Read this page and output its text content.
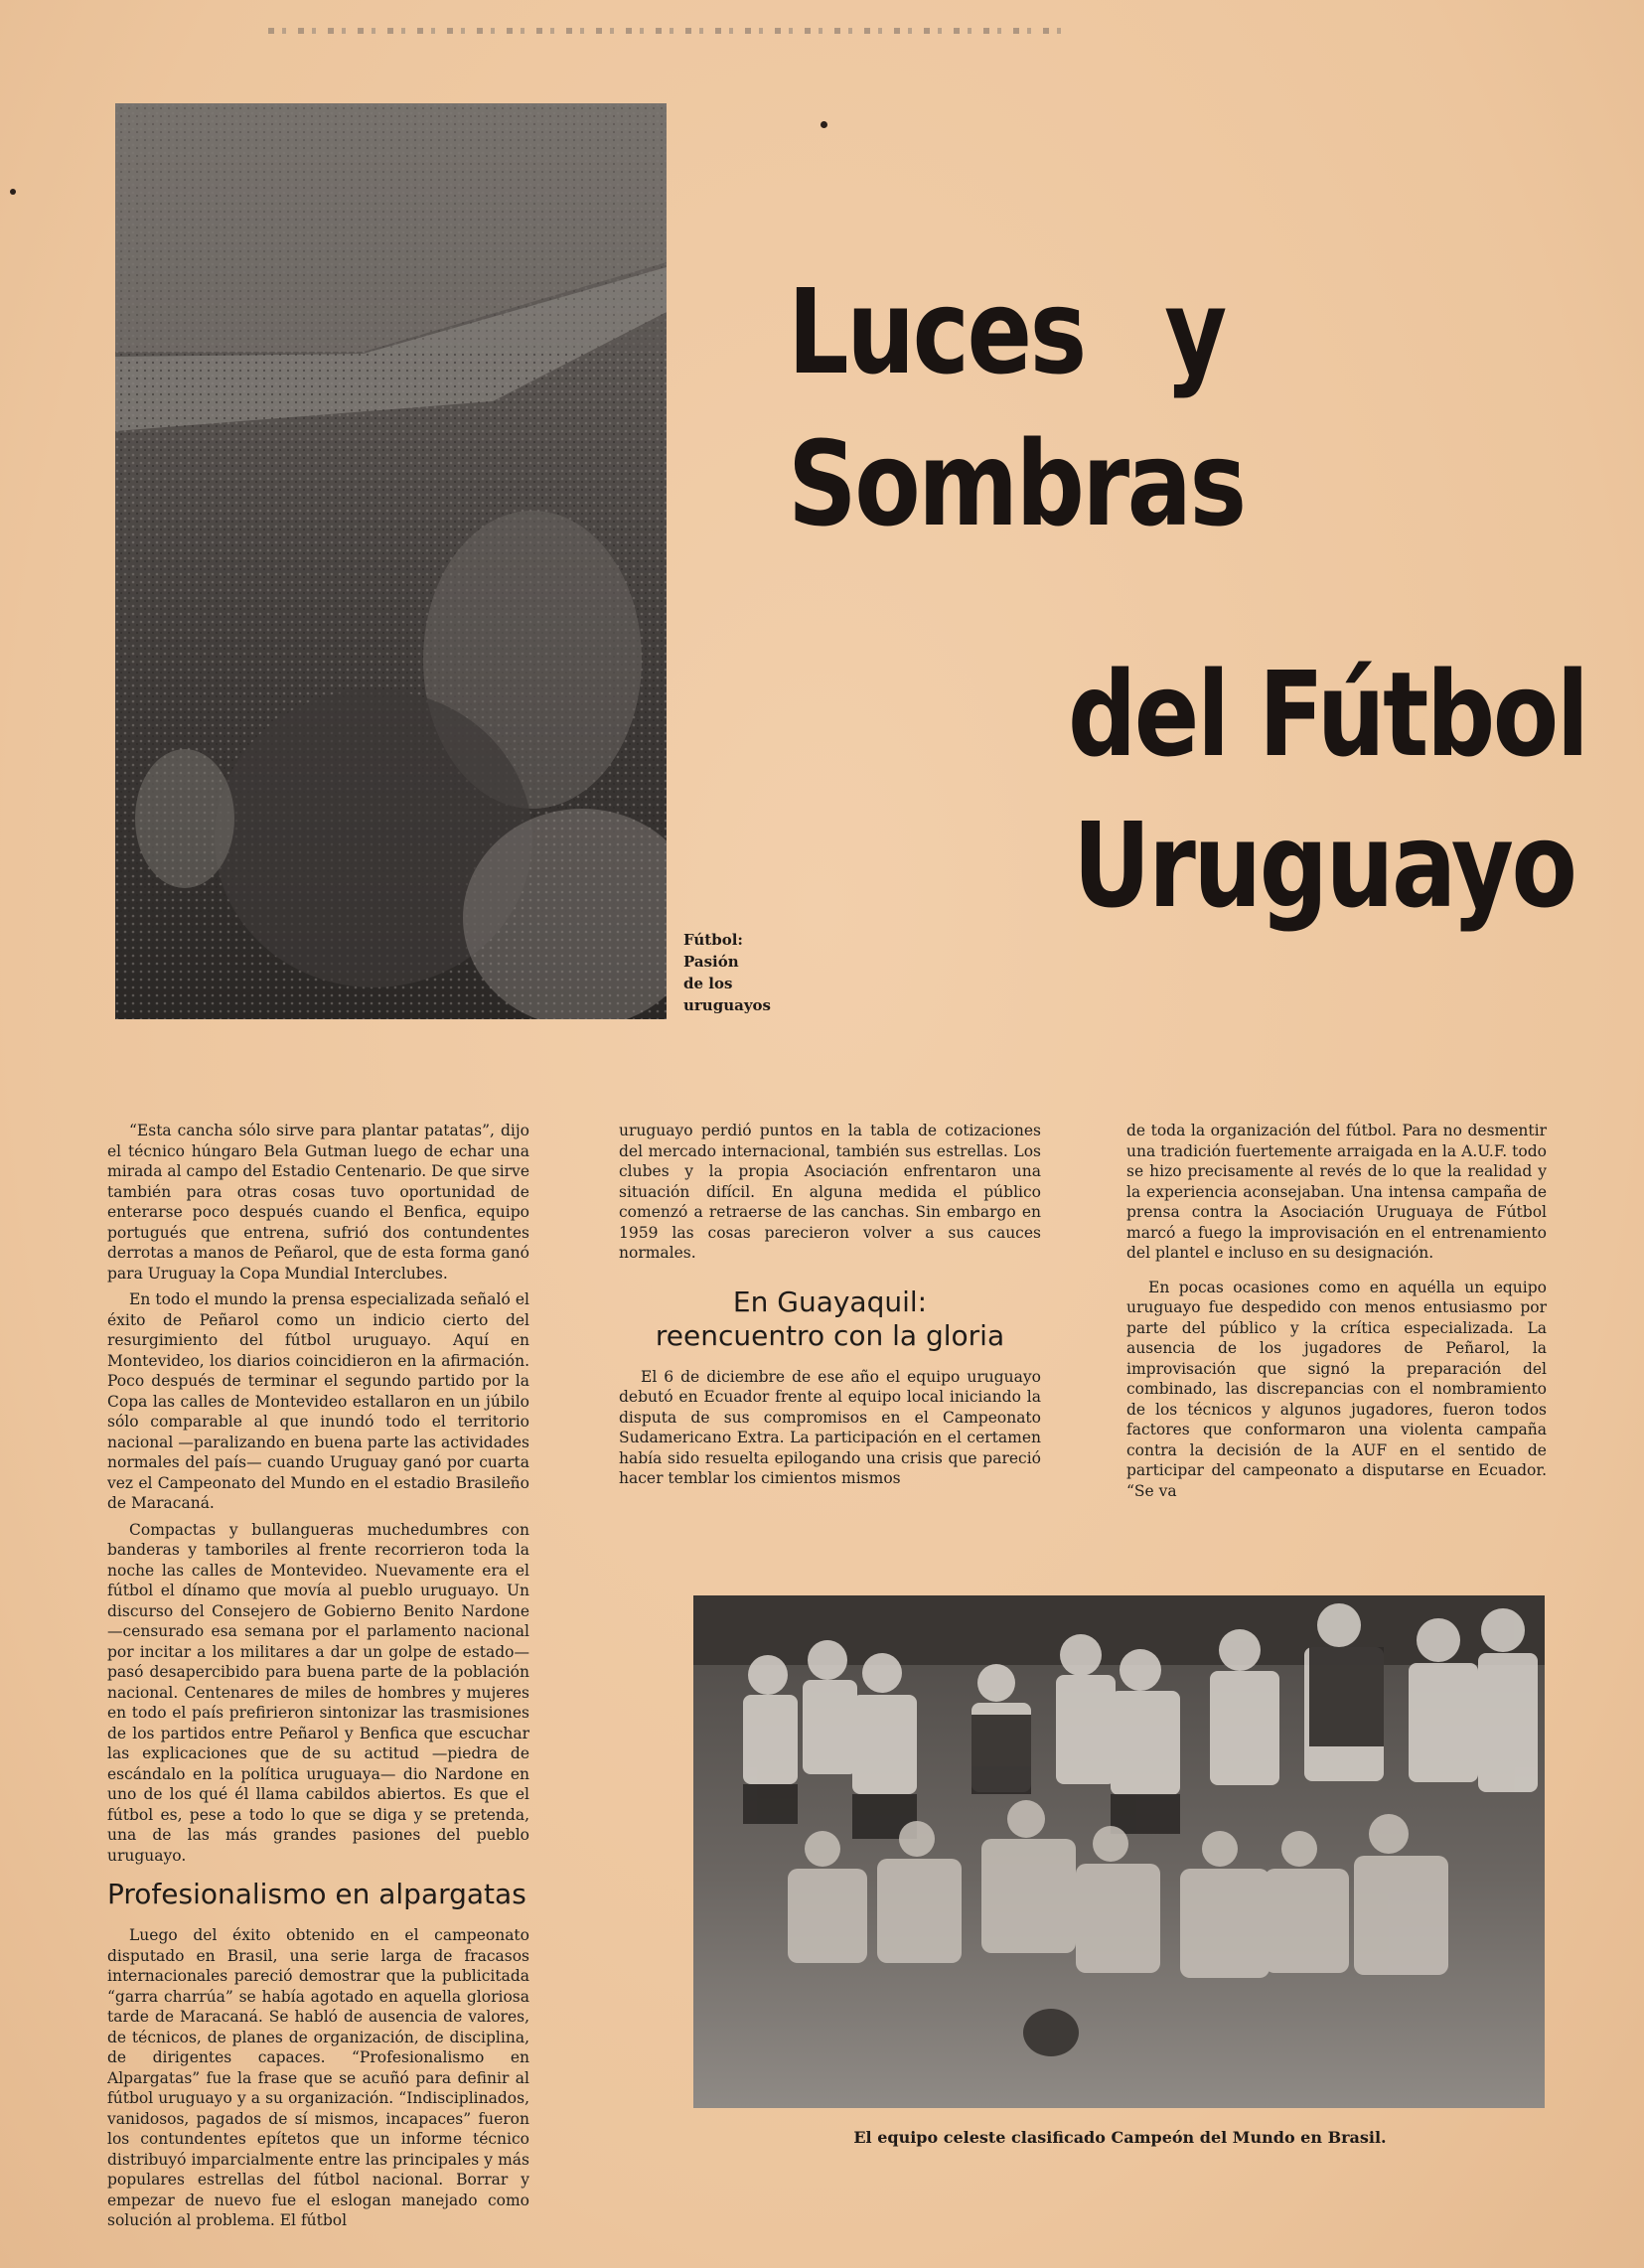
Luces y
Sombras
del Fútbol
Uruguayo
Fútbol:
Pasión
de los
uruguayos

“Esta cancha sólo sirve para plantar patatas”, dijo el técnico húngaro Bela Gutman luego de echar una mirada al campo del Estadio Centenario. De que sirve también para otras cosas tuvo oportunidad de enterarse poco después cuando el Benfica, equipo portugués que entrena, sufrió dos contundentes derrotas a manos de Peñarol, que de esta forma ganó para Uruguay la Copa Mundial Interclubes.

En todo el mundo la prensa especializada señaló el éxito de Peñarol como un indicio cierto del resurgimiento del fútbol uruguayo. Aquí en Montevideo, los diarios coincidieron en la afirmación. Poco después de terminar el segundo partido por la Copa las calles de Montevideo estallaron en un júbilo sólo comparable al que inundó todo el territorio nacional —paralizando en buena parte las actividades normales del país— cuando Uruguay ganó por cuarta vez el Campeonato del Mundo en el estadio Brasileño de Maracaná.

Compactas y bullangueras muchedumbres con banderas y tamboriles al frente recorrieron toda la noche las calles de Montevideo. Nuevamente era el fútbol el dínamo que movía al pueblo uruguayo. Un discurso del Consejero de Gobierno Benito Nardone —censurado esa semana por el parlamento nacional por incitar a los militares a dar un golpe de estado— pasó desapercibido para buena parte de la población nacional. Centenares de miles de hombres y mujeres en todo el país prefirieron sintonizar las trasmisiones de los partidos entre Peñarol y Benfica que escuchar las explicaciones que de su actitud —piedra de escándalo en la política uruguaya— dio Nardone en uno de los qué él llama cabildos abiertos. Es que el fútbol es, pese a todo lo que se diga y se pretenda, una de las más grandes pasiones del pueblo uruguayo.

Profesionalismo en alpargatas

Luego del éxito obtenido en el campeonato disputado en Brasil, una serie larga de fracasos internacionales pareció demostrar que la publicitada “garra charrúa” se había agotado en aquella gloriosa tarde de Maracaná. Se habló de ausencia de valores, de técnicos, de planes de organización, de disciplina, de dirigentes capaces. “Profesionalismo en Alpargatas” fue la frase que se acuñó para definir al fútbol uruguayo y a su organización. “Indisciplinados, vanidosos, pagados de sí mismos, incapaces” fueron los contundentes epítetos que un informe técnico distribuyó imparcialmente entre las principales y más populares estrellas del fútbol nacional. Borrar y empezar de nuevo fue el eslogan manejado como solución al problema. El fútbol

uruguayo perdió puntos en la tabla de cotizaciones del mercado internacional, también sus estrellas. Los clubes y la propia Asociación enfrentaron una situación difícil. En alguna medida el público comenzó a retraerse de las canchas. Sin embargo en 1959 las cosas parecieron volver a sus cauces normales.

En Guayaquil: reencuentro con la gloria

El 6 de diciembre de ese año el equipo uruguayo debutó en Ecuador frente al equipo local iniciando la disputa de sus compromisos en el Campeonato Sudamericano Extra. La participación en el certamen había sido resuelta epilogando una crisis que pareció hacer temblar los cimientos mismos

de toda la organización del fútbol. Para no desmentir una tradición fuertemente arraigada en la A.U.F. todo se hizo precisamente al revés de lo que la realidad y la experiencia aconsejaban. Una intensa campaña de prensa contra la Asociación Uruguaya de Fútbol marcó a fuego la improvisación en el entrenamiento del plantel e incluso en su designación.

En pocas ocasiones como en aquélla un equipo uruguayo fue despedido con menos entusiasmo por parte del público y la crítica especializada. La ausencia de los jugadores de Peñarol, la improvisación que signó la preparación del combinado, las discrepancias con el nombramiento de los técnicos y algunos jugadores, fueron todos factores que conformaron una violenta campaña contra la decisión de la AUF en el sentido de participar del campeonato a disputarse en Ecuador. “Se va

El equipo celeste clasificado Campeón del Mundo en Brasil.
